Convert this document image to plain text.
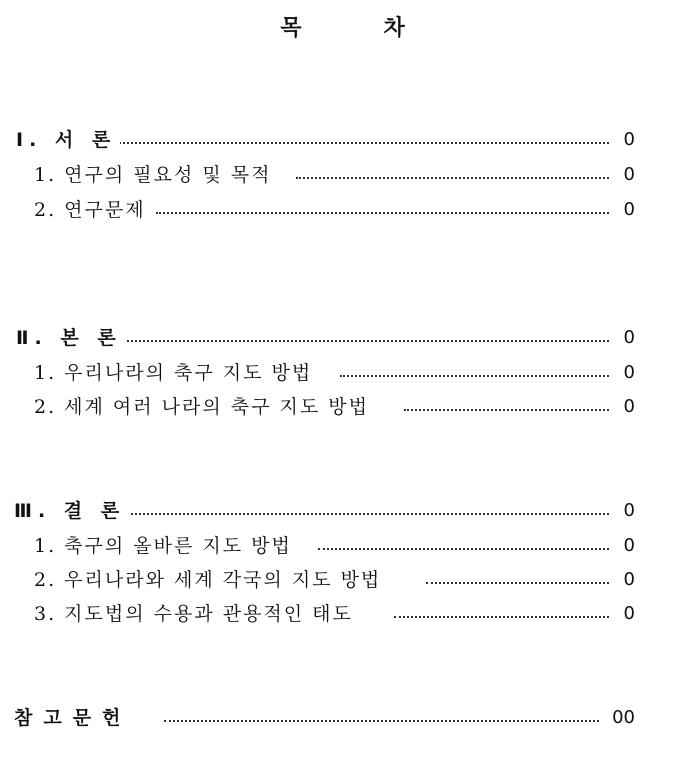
목	차
Ⅰ. 서 론	0
1. 연구의 필요성 및 목적	0
2. 연구문제	0
Ⅱ. 본 론	0
1. 우리나라의 축구 지도 방법	0
2. 세계 여러 나라의 축구 지도 방법	0
Ⅲ. 결 론	0
1. 축구의 올바른 지도 방법	0
2. 우리나라와 세계 각국의 지도 방법	0
3. 지도법의 수용과 관용적인 태도	0
참고문헌	00
